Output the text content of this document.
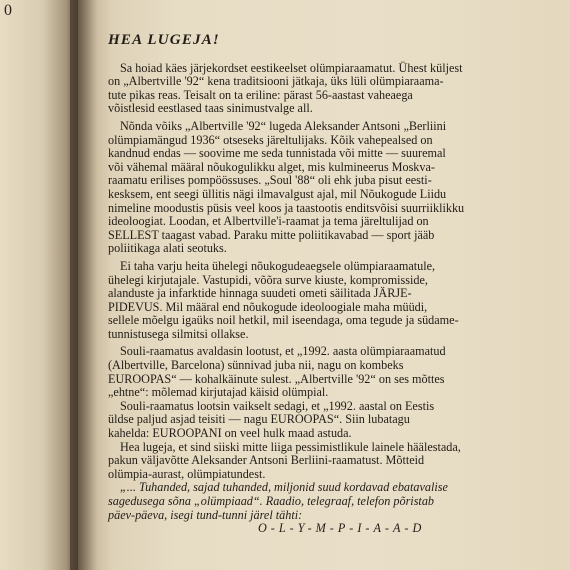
0
HEA LUGEJA!
Sa hoiad käes järjekordset eestikeelset olümpiaraamatut. Ühest küljest
on „Albertville '92“ kena traditsiooni jätkaja, üks lüli olümpiaraama-
tute pikas reas. Teisalt on ta eriline: pärast 56-aastast vaheaega
võistlesid eestlased taas sinimustvalge all.
Nõnda võiks „Albertville '92“ lugeda Aleksander Antsoni „Berliini
olümpiamängud 1936“ otseseks järeltulijaks. Kõik vahepealsed on
kandnud endas — soovime me seda tunnistada või mitte — suuremal
või vähemal määral nõukogulikku alget, mis kulmineerus Moskva-
raamatu erilises pompöössuses. „Soul '88“ oli ehk juba pisut eesti-
kesksem, ent seegi üllitis nägi ilmavalgust ajal, mil Nõukogude Liidu
nimeline moodustis püsis veel koos ja taastootis enditsvõisi suurriiklikku
ideoloogiat. Loodan, et Albertville'i-raamat ja tema järeltulijad on
SELLEST taagast vabad. Paraku mitte poliitikavabad — sport jääb
poliitikaga alati seotuks.
Ei taha varju heita ühelegi nõukogudeaegsele olümpiaraamatule,
ühelegi kirjutajale. Vastupidi, võõra surve kiuste, kompromisside,
alanduste ja infarktide hinnaga suudeti ometi säilitada JÄRJE-
PIDEVUS. Mil määral end nõukogude ideoloogiale maha müüdi,
sellele mõelgu igaüks noil hetkil, mil iseendaga, oma tegude ja südame-
tunnistusega silmitsi ollakse.
Souli-raamatus avaldasin lootust, et „1992. aasta olümpiaraamatud
(Albertville, Barcelona) sünnivad juba nii, nagu on kombeks
EUROOPAS“ — kohalkäinute sulest. „Albertville '92“ on ses mõttes
„ehtne“: mõlemad kirjutajad käisid olümpial.
Souli-raamatus lootsin vaikselt sedagi, et „1992. aastal on Eestis
üldse paljud asjad teisiti — nagu EUROOPAS“. Siin lubatagu
kahelda: EUROOPANI on veel hulk maad astuda.
Hea lugeja, et sind siiski mitte liiga pessimistlikule lainele häälestada,
pakun väljavõtte Aleksander Antsoni Berliini-raamatust. Mõtteid
olümpia-aurast, olümpiatundest.
„... Tuhanded, sajad tuhanded, miljonid suud kordavad ebatavalise
sagedusega sõna „olümpiaad“. Raadio, telegraaf, telefon põristab
päev-päeva, isegi tund-tunni järel tähti:
O-L-Y-M-P-I-A-A-D
